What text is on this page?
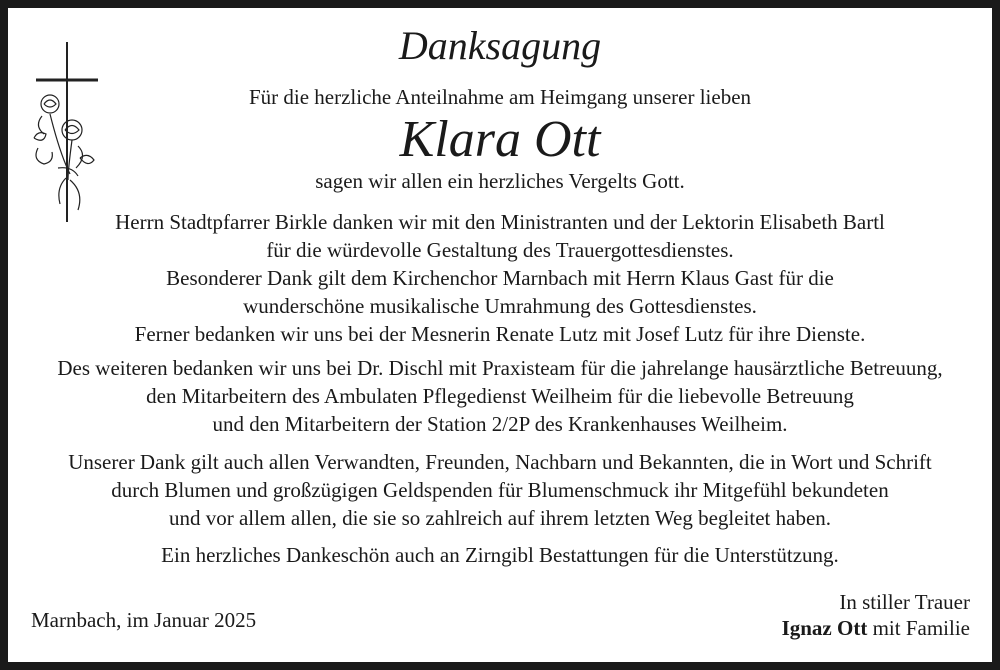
Danksagung
Für die herzliche Anteilnahme am Heimgang unserer lieben
Klara Ott
sagen wir allen ein herzliches Vergelts Gott.
Herrn Stadtpfarrer Birkle danken wir mit den Ministranten und der Lektorin Elisabeth Bartl
für die würdevolle Gestaltung des Trauergottesdienstes.
Besonderer Dank gilt dem Kirchenchor Marnbach mit Herrn Klaus Gast für die
wunderschöne musikalische Umrahmung des Gottesdienstes.
Ferner bedanken wir uns bei der Mesnerin Renate Lutz mit Josef Lutz für ihre Dienste.
Des weiteren bedanken wir uns bei Dr. Dischl mit Praxisteam für die jahrelange hausärztliche Betreuung,
den Mitarbeitern des Ambulaten Pflegedienst Weilheim für die liebevolle Betreuung
und den Mitarbeitern der Station 2/2P des Krankenhauses Weilheim.
Unserer Dank gilt auch allen Verwandten, Freunden, Nachbarn und Bekannten, die in Wort und Schrift
durch Blumen und großzügigen Geldspenden für Blumenschmuck ihr Mitgefühl bekundeten
und vor allem allen, die sie so zahlreich auf ihrem letzten Weg begleitet haben.
Ein herzliches Dankeschön auch an Zirngibl Bestattungen für die Unterstützung.
Marnbach, im Januar 2025
In stiller Trauer
Ignaz Ott mit Familie
